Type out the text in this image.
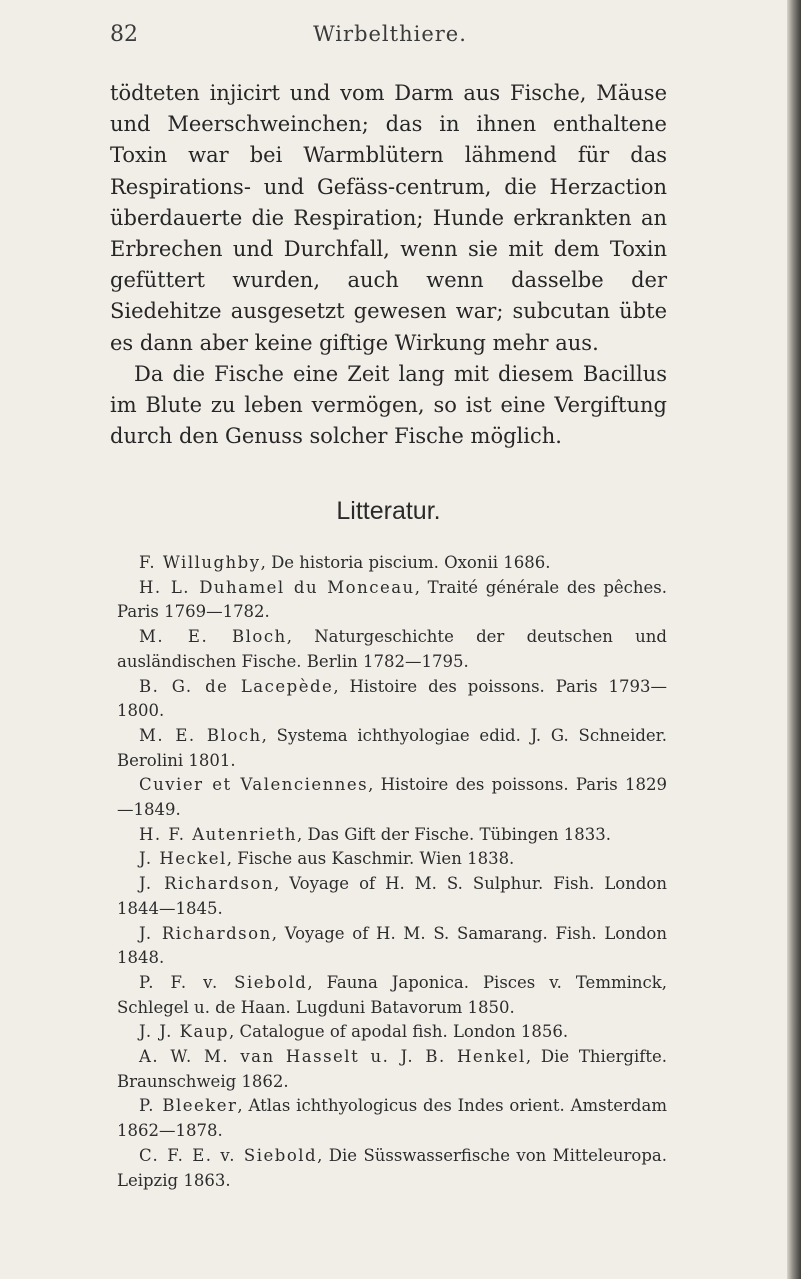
82	Wirbelthiere.

tödteten injicirt und vom Darm aus Fische, Mäuse und Meerschweinchen; das in ihnen enthaltene Toxin war bei Warmblütern lähmend für das Respirations- und Gefäss-centrum, die Herzaction überdauerte die Respiration; Hunde erkrankten an Erbrechen und Durchfall, wenn sie mit dem Toxin gefüttert wurden, auch wenn dasselbe der Siedehitze ausgesetzt gewesen war; subcutan übte es dann aber keine giftige Wirkung mehr aus.

Da die Fische eine Zeit lang mit diesem Bacillus im Blute zu leben vermögen, so ist eine Vergiftung durch den Genuss solcher Fische möglich.

Litteratur.
F. Willughby, De historia piscium. Oxonii 1686.
H. L. Duhamel du Monceau, Traité générale des pêches. Paris 1769—1782.
M. E. Bloch, Naturgeschichte der deutschen und ausländischen Fische. Berlin 1782—1795.
B. G. de Lacepède, Histoire des poissons. Paris 1793—1800.
M. E. Bloch, Systema ichthyologiae edid. J. G. Schneider. Berolini 1801.
Cuvier et Valenciennes, Histoire des poissons. Paris 1829—1849.
H. F. Autenrieth, Das Gift der Fische. Tübingen 1833.
J. Heckel, Fische aus Kaschmir. Wien 1838.
J. Richardson, Voyage of H. M. S. Sulphur. Fish. London 1844—1845.
J. Richardson, Voyage of H. M. S. Samarang. Fish. London 1848.
P. F. v. Siebold, Fauna Japonica. Pisces v. Temminck, Schlegel u. de Haan. Lugduni Batavorum 1850.
J. J. Kaup, Catalogue of apodal fish. London 1856.
A. W. M. van Hasselt u. J. B. Henkel, Die Thiergifte. Braunschweig 1862.
P. Bleeker, Atlas ichthyologicus des Indes orient. Amsterdam 1862—1878.
C. F. E. v. Siebold, Die Süsswasserfische von Mitteleuropa. Leipzig 1863.
